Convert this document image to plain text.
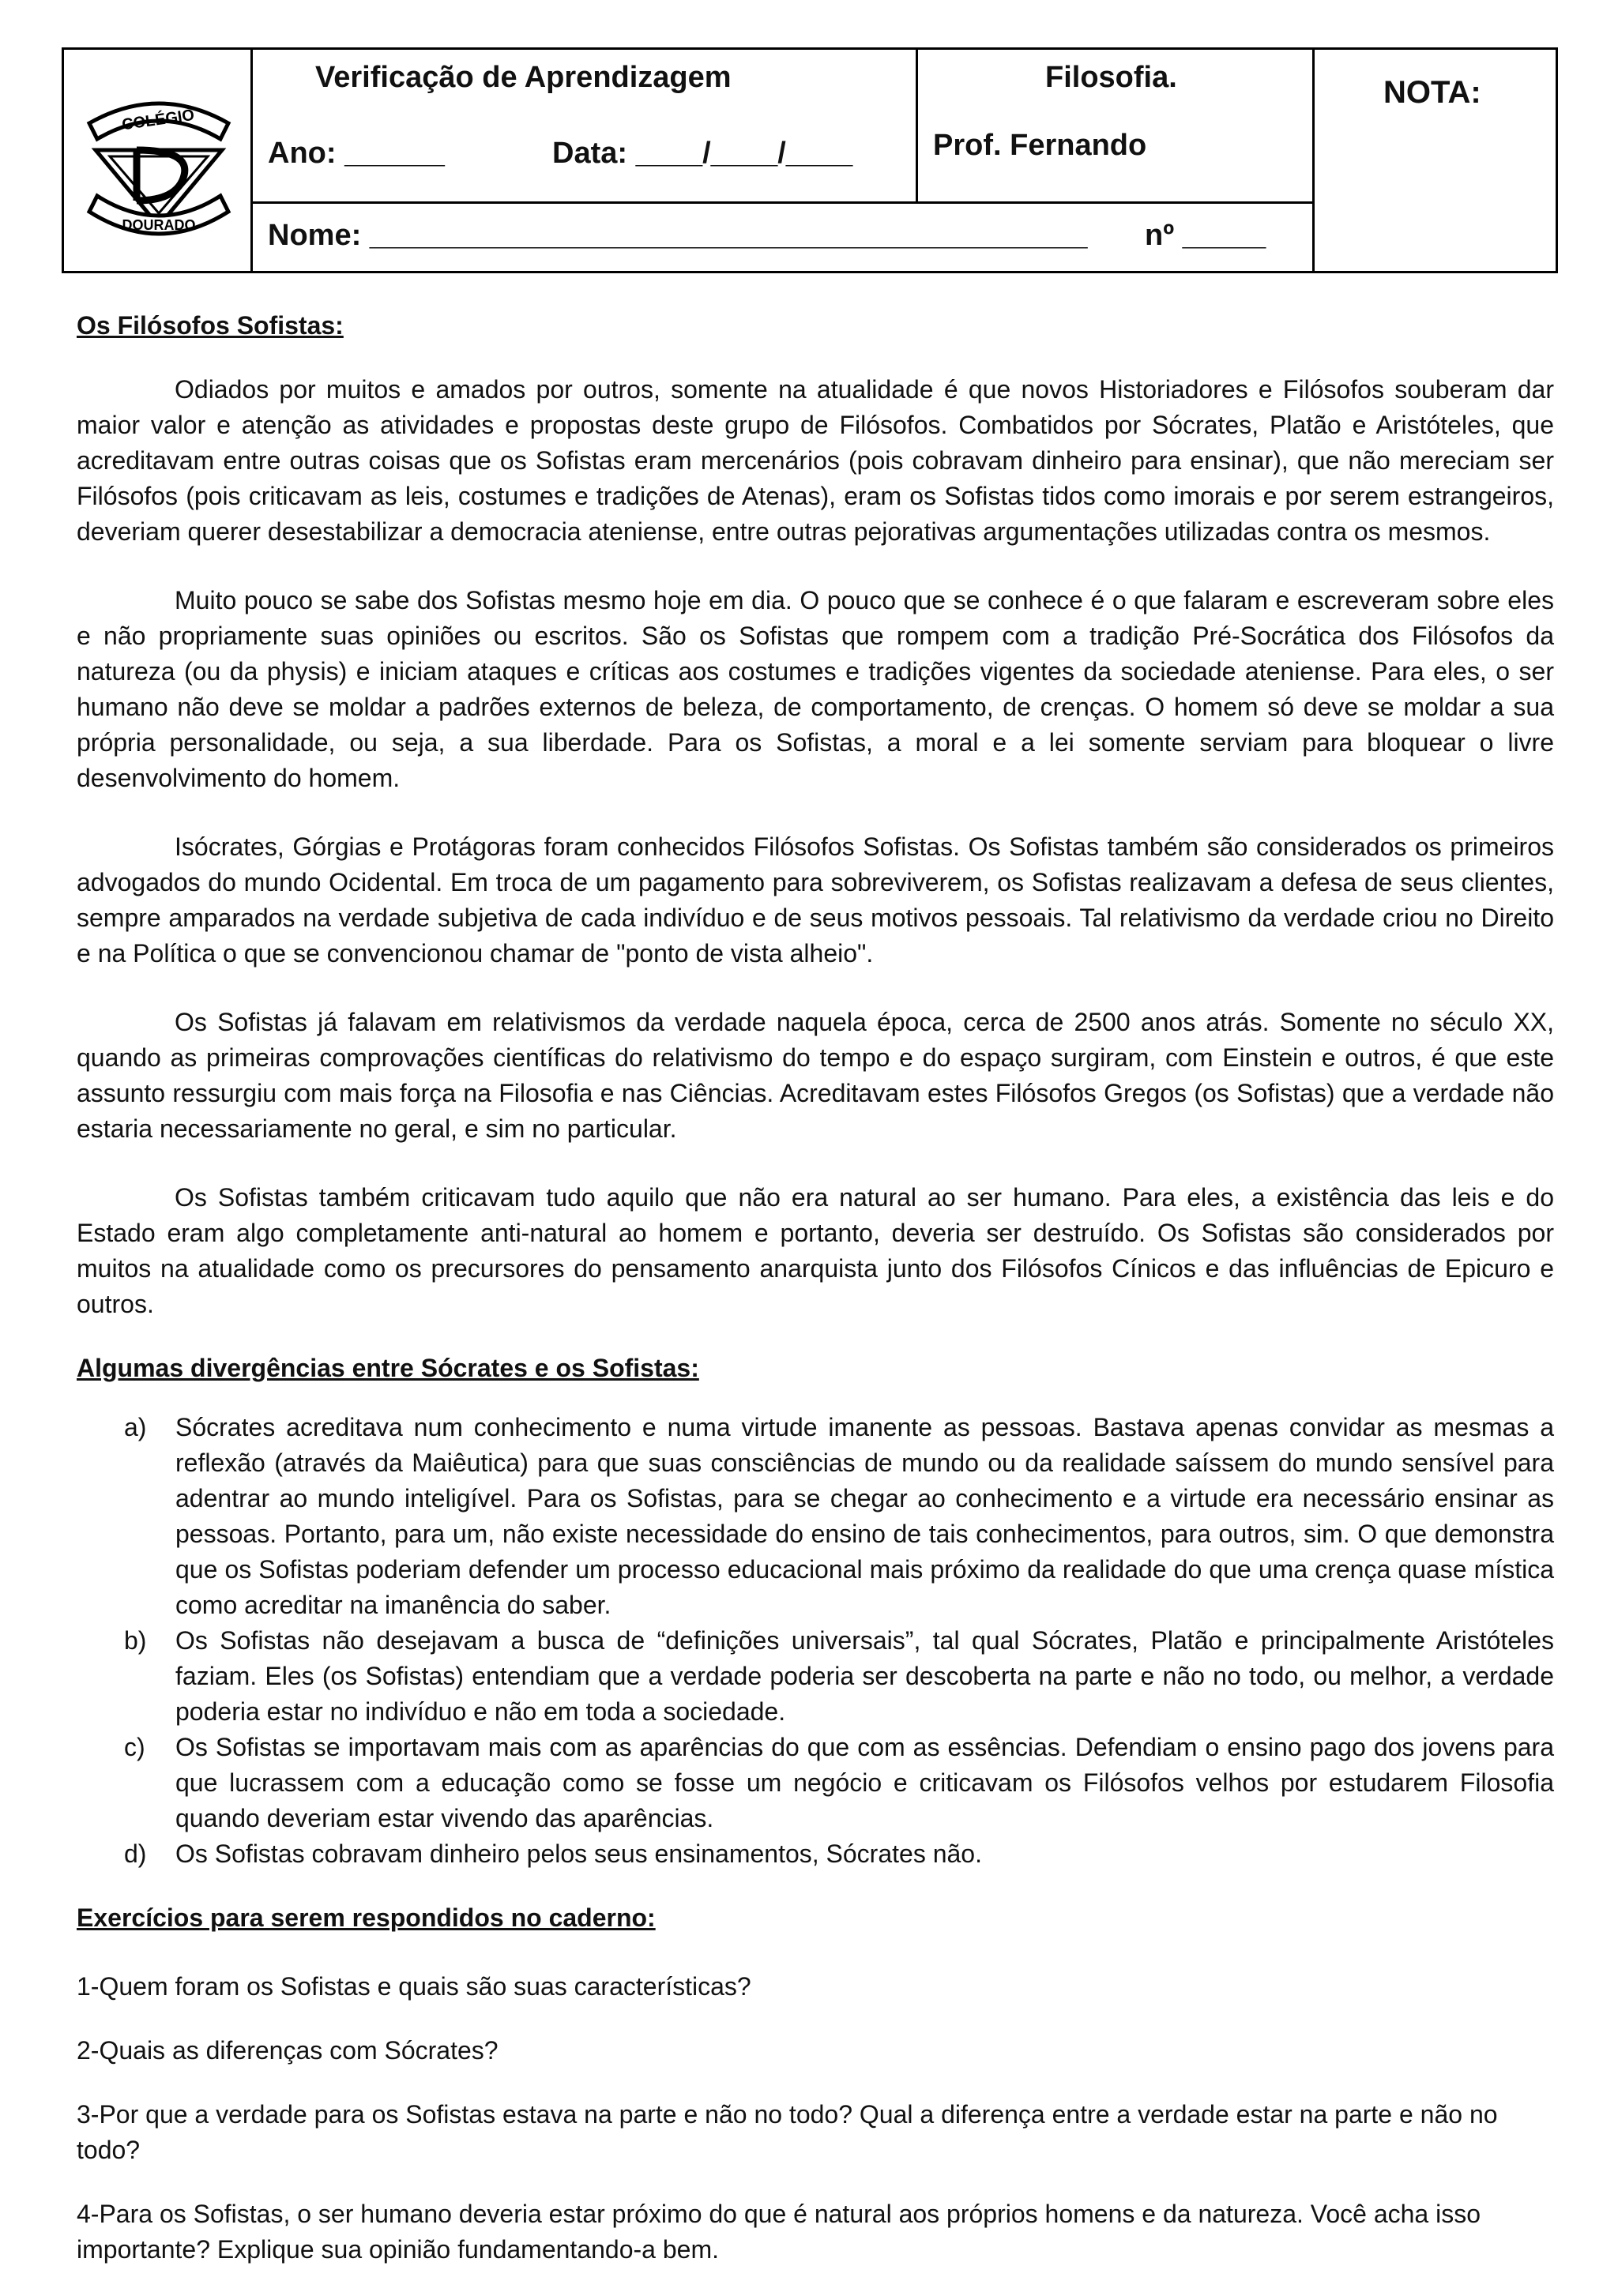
COLÉGIO
DOURADO
Verificação de Aprendizagem
Ano: ______	Data: ____/____/____
Filosofia.
Prof. Fernando
NOTA:
Nome: ___________________________________________ nº _____
Os Filósofos Sofistas:

Odiados por muitos e amados por outros, somente na atualidade é que novos Historiadores e Filósofos souberam dar maior valor e atenção as atividades e propostas deste grupo de Filósofos. Combatidos por Sócrates, Platão e Aristóteles, que acreditavam entre outras coisas que os Sofistas eram mercenários (pois cobravam dinheiro para ensinar), que não mereciam ser Filósofos (pois criticavam as leis, costumes e tradições de Atenas), eram os Sofistas tidos como imorais e por serem estrangeiros, deveriam querer desestabilizar a democracia ateniense, entre outras pejorativas argumentações utilizadas contra os mesmos.

Muito pouco se sabe dos Sofistas mesmo hoje em dia. O pouco que se conhece é o que falaram e escreveram sobre eles e não propriamente suas opiniões ou escritos. São os Sofistas que rompem com a tradição Pré-Socrática dos Filósofos da natureza (ou da physis) e iniciam ataques e críticas aos costumes e tradições vigentes da sociedade ateniense. Para eles, o ser humano não deve se moldar a padrões externos de beleza, de comportamento, de crenças. O homem só deve se moldar a sua própria personalidade, ou seja, a sua liberdade. Para os Sofistas, a moral e a lei somente serviam para bloquear o livre desenvolvimento do homem.

Isócrates, Górgias e Protágoras foram conhecidos Filósofos Sofistas. Os Sofistas também são considerados os primeiros advogados do mundo Ocidental. Em troca de um pagamento para sobreviverem, os Sofistas realizavam a defesa de seus clientes, sempre amparados na verdade subjetiva de cada indivíduo e de seus motivos pessoais. Tal relativismo da verdade criou no Direito e na Política o que se convencionou chamar de "ponto de vista alheio".

Os Sofistas já falavam em relativismos da verdade naquela época, cerca de 2500 anos atrás. Somente no século XX, quando as primeiras comprovações científicas do relativismo do tempo e do espaço surgiram, com Einstein e outros, é que este assunto ressurgiu com mais força na Filosofia e nas Ciências. Acreditavam estes Filósofos Gregos (os Sofistas) que a verdade não estaria necessariamente no geral, e sim no particular.

Os Sofistas também criticavam tudo aquilo que não era natural ao ser humano. Para eles, a existência das leis e do Estado eram algo completamente anti-natural ao homem e portanto, deveria ser destruído. Os Sofistas são considerados por muitos na atualidade como os precursores do pensamento anarquista junto dos Filósofos Cínicos e das influências de Epicuro e outros.

Algumas divergências entre Sócrates e os Sofistas:
a) Sócrates acreditava num conhecimento e numa virtude imanente as pessoas. Bastava apenas convidar as mesmas a reflexão (através da Maiêutica) para que suas consciências de mundo ou da realidade saíssem do mundo sensível para adentrar ao mundo inteligível. Para os Sofistas, para se chegar ao conhecimento e a virtude era necessário ensinar as pessoas. Portanto, para um, não existe necessidade do ensino de tais conhecimentos, para outros, sim. O que demonstra que os Sofistas poderiam defender um processo educacional mais próximo da realidade do que uma crença quase mística como acreditar na imanência do saber.
b) Os Sofistas não desejavam a busca de “definições universais”, tal qual Sócrates, Platão e principalmente Aristóteles faziam. Eles (os Sofistas) entendiam que a verdade poderia ser descoberta na parte e não no todo, ou melhor, a verdade poderia estar no indivíduo e não em toda a sociedade.
c) Os Sofistas se importavam mais com as aparências do que com as essências. Defendiam o ensino pago dos jovens para que lucrassem com a educação como se fosse um negócio e criticavam os Filósofos velhos por estudarem Filosofia quando deveriam estar vivendo das aparências.
d) Os Sofistas cobravam dinheiro pelos seus ensinamentos, Sócrates não.
Exercícios para serem respondidos no caderno:

1-Quem foram os Sofistas e quais são suas características?

2-Quais as diferenças com Sócrates?

3-Por que a verdade para os Sofistas estava na parte e não no todo? Qual a diferença entre a verdade estar na parte e não no todo?

4-Para os Sofistas, o ser humano deveria estar próximo do que é natural aos próprios homens e da natureza. Você acha isso importante? Explique sua opinião fundamentando-a bem.
